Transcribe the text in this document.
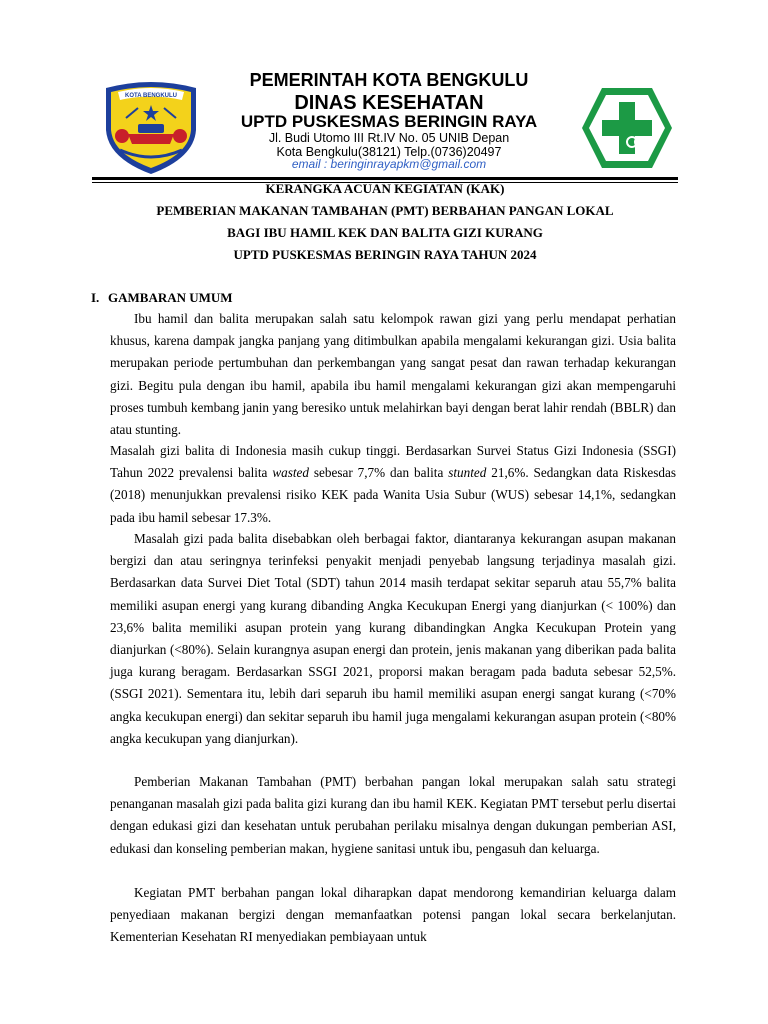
KOTA BENGKULU
PEMERINTAH KOTA BENGKULU
DINAS KESEHATAN
UPTD PUSKESMAS BERINGIN RAYA
Jl. Budi Utomo III Rt.IV No. 05 UNIB Depan
Kota Bengkulu(38121) Telp.(0736)20497
email : beringinrayapkm@gmail.com
KERANGKA ACUAN KEGIATAN (KAK)
PEMBERIAN MAKANAN TAMBAHAN (PMT) BERBAHAN PANGAN LOKAL
BAGI IBU HAMIL KEK DAN BALITA GIZI KURANG
UPTD PUSKESMAS BERINGIN RAYA TAHUN 2024
I. GAMBARAN UMUM

Ibu hamil dan balita merupakan salah satu kelompok rawan gizi yang perlu mendapat perhatian khusus, karena dampak jangka panjang yang ditimbulkan apabila mengalami kekurangan gizi. Usia balita merupakan periode pertumbuhan dan perkembangan yang sangat pesat dan rawan terhadap kekurangan gizi. Begitu pula dengan ibu hamil, apabila ibu hamil mengalami kekurangan gizi akan mempengaruhi proses tumbuh kembang janin yang beresiko untuk melahirkan bayi dengan berat lahir rendah (BBLR) dan atau stunting.

Masalah gizi balita di Indonesia masih cukup tinggi. Berdasarkan Survei Status Gizi Indonesia (SSGI) Tahun 2022 prevalensi balita wasted sebesar 7,7% dan balita stunted 21,6%. Sedangkan data Riskesdas (2018) menunjukkan prevalensi risiko KEK pada Wanita Usia Subur (WUS) sebesar 14,1%, sedangkan pada ibu hamil sebesar 17.3%.

Masalah gizi pada balita disebabkan oleh berbagai faktor, diantaranya kekurangan asupan makanan bergizi dan atau seringnya terinfeksi penyakit menjadi penyebab langsung terjadinya masalah gizi. Berdasarkan data Survei Diet Total (SDT) tahun 2014 masih terdapat sekitar separuh atau 55,7% balita memiliki asupan energi yang kurang dibanding Angka Kecukupan Energi yang dianjurkan (< 100%) dan 23,6% balita memiliki asupan protein yang kurang dibandingkan Angka Kecukupan Protein yang dianjurkan (<80%). Selain kurangnya asupan energi dan protein, jenis makanan yang diberikan pada balita juga kurang beragam. Berdasarkan SSGI 2021, proporsi makan beragam pada baduta sebesar 52,5%. (SSGI 2021). Sementara itu, lebih dari separuh ibu hamil memiliki asupan energi sangat kurang (<70% angka kecukupan energi) dan sekitar separuh ibu hamil juga mengalami kekurangan asupan protein (<80% angka kecukupan yang dianjurkan).

Pemberian Makanan Tambahan (PMT) berbahan pangan lokal merupakan salah satu strategi penanganan masalah gizi pada balita gizi kurang dan ibu hamil KEK. Kegiatan PMT tersebut perlu disertai dengan edukasi gizi dan kesehatan untuk perubahan perilaku misalnya dengan dukungan pemberian ASI, edukasi dan konseling pemberian makan, hygiene sanitasi untuk ibu, pengasuh dan keluarga.

Kegiatan PMT berbahan pangan lokal diharapkan dapat mendorong kemandirian keluarga dalam penyediaan makanan bergizi dengan memanfaatkan potensi pangan lokal secara berkelanjutan. Kementerian Kesehatan RI menyediakan pembiayaan untuk
